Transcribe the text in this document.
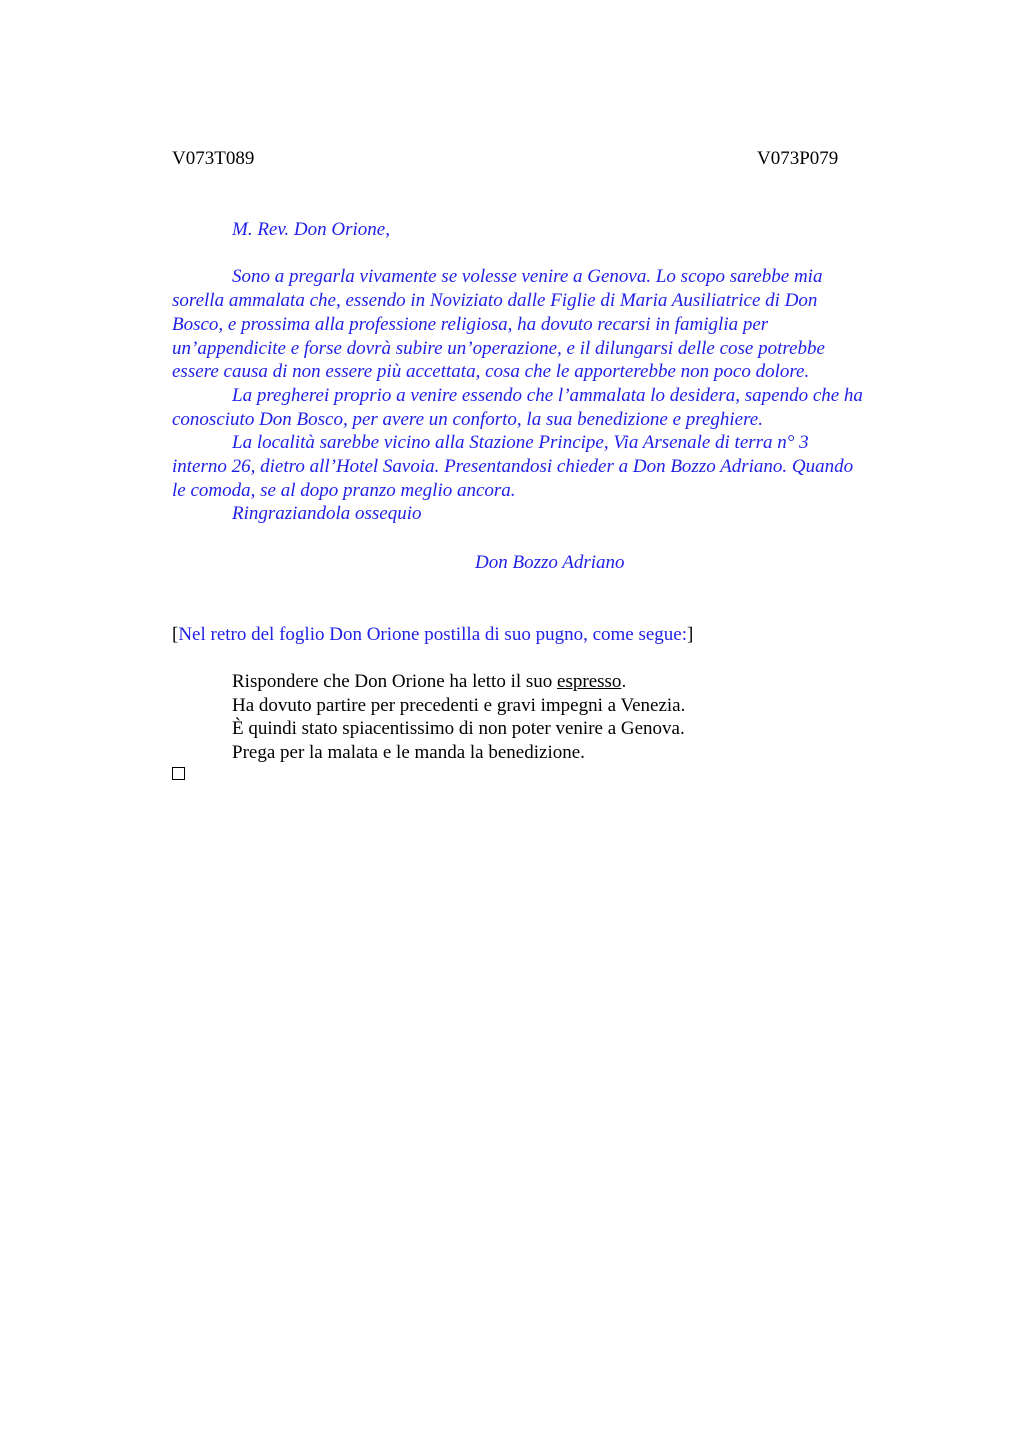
V073T089	V073P079
M. Rev. Don Orione,
Sono a pregarla vivamente se volesse venire a Genova. Lo scopo sarebbe mia
sorella ammalata che, essendo in Noviziato dalle Figlie di Maria Ausiliatrice di Don
Bosco, e prossima alla professione religiosa, ha dovuto recarsi in famiglia per
un’appendicite e forse dovrà subire un’operazione, e il dilungarsi delle cose potrebbe
essere causa di non essere più accettata, cosa che le apporterebbe non poco dolore.
La pregherei proprio a venire essendo che l’ammalata lo desidera, sapendo che ha
conosciuto Don Bosco, per avere un conforto, la sua benedizione e preghiere.
La località sarebbe vicino alla Stazione Principe, Via Arsenale di terra n° 3
interno 26, dietro all’Hotel Savoia. Presentandosi chieder a Don Bozzo Adriano. Quando
le comoda, se al dopo pranzo meglio ancora.
Ringraziandola ossequio
Don Bozzo Adriano
[Nel retro del foglio Don Orione postilla di suo pugno, come segue:]
Rispondere che Don Orione ha letto il suo espresso.
Ha dovuto partire per precedenti e gravi impegni a Venezia.
È quindi stato spiacentissimo di non poter venire a Genova.
Prega per la malata e le manda la benedizione.
